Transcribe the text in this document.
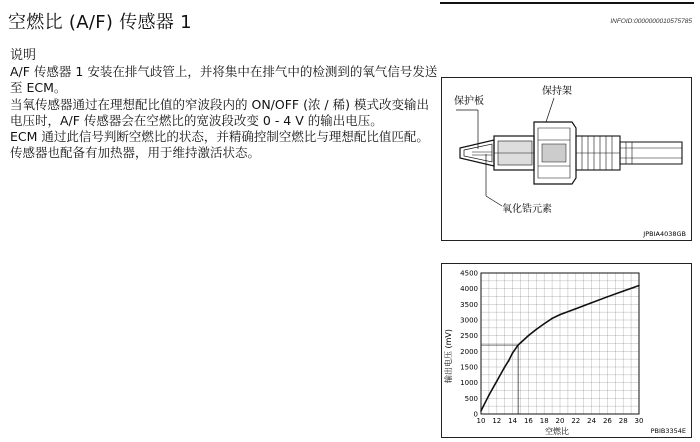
空燃比 (A/F) 传感器 1	INFOID:0000000010575785
说明

A/F 传感器 1 安装在排气歧管上，并将集中在排气中的检测到的氧气信号发送至 ECM。

当氧传感器通过在理想配比值的窄波段内的 ON/OFF (浓 / 稀) 模式改变输出电压时，A/F 传感器会在空燃比的宽波段改变 0 - 4 V 的输出电压。

ECM 通过此信号判断空燃比的状态，并精确控制空燃比与理想配比值匹配。传感器也配备有加热器，用于维持激活状态。

保护板
保持架
氧化锆元素
JPBIA4038GB
10 12 14 16 18 20 22 24 26 28 30
0
500
1000
1500
2000
2500
3000
3500
4000
4500
输出电压 (mV)
空燃比	PBIB3354E
